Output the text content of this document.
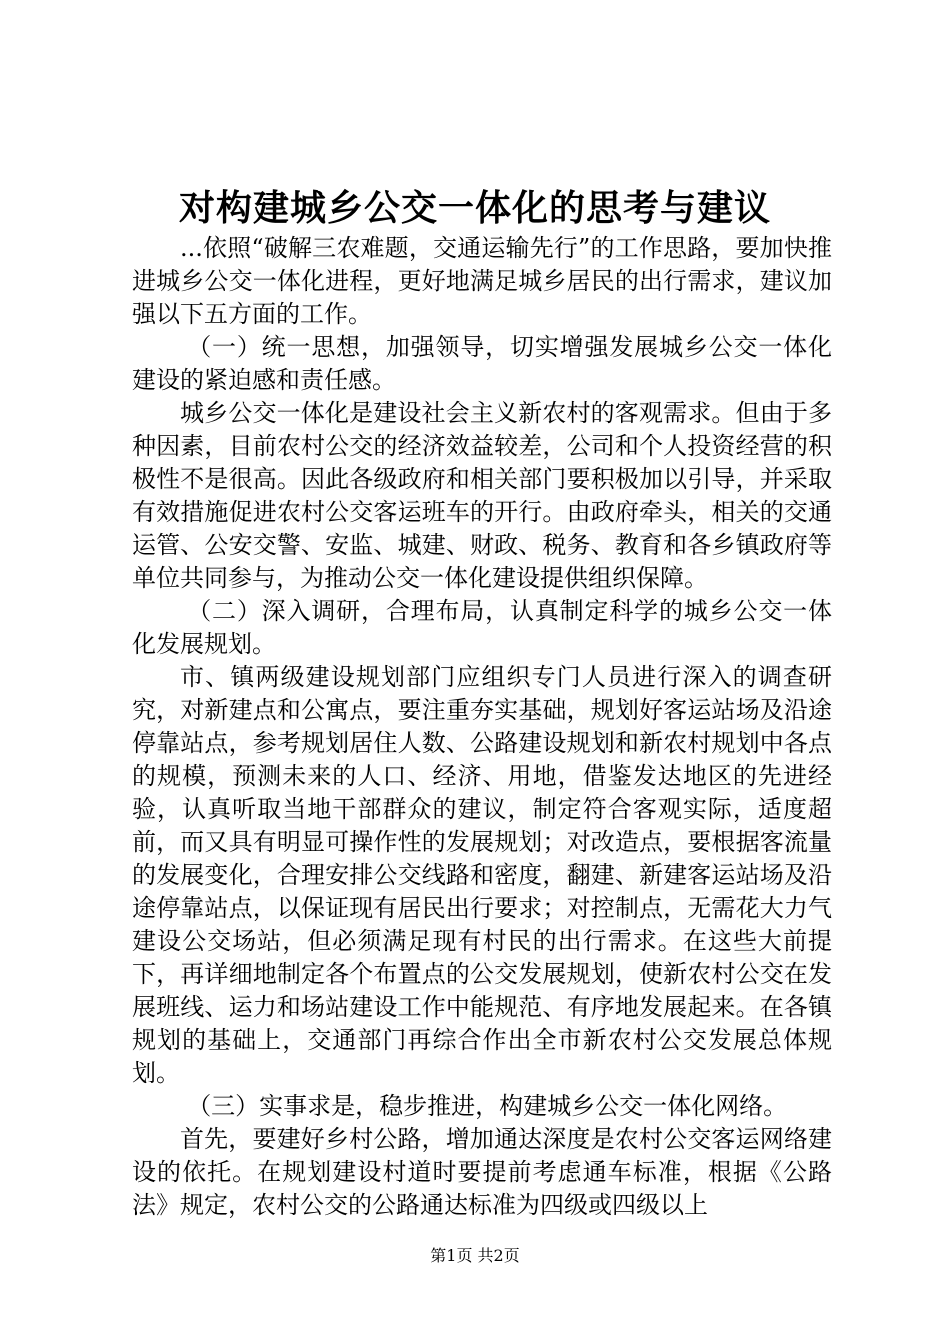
对构建城乡公交一体化的思考与建议

...依照“破解三农难题，交通运输先行”的工作思路，要加快推进城乡公交一体化进程，更好地满足城乡居民的出行需求，建议加强以下五方面的工作。

（一）统一思想，加强领导，切实增强发展城乡公交一体化建设的紧迫感和责任感。

城乡公交一体化是建设社会主义新农村的客观需求。但由于多种因素，目前农村公交的经济效益较差，公司和个人投资经营的积极性不是很高。因此各级政府和相关部门要积极加以引导，并采取有效措施促进农村公交客运班车的开行。由政府牵头，相关的交通运管、公安交警、安监、城建、财政、税务、教育和各乡镇政府等单位共同参与，为推动公交一体化建设提供组织保障。

（二）深入调研，合理布局，认真制定科学的城乡公交一体化发展规划。

市、镇两级建设规划部门应组织专门人员进行深入的调查研究，对新建点和公寓点，要注重夯实基础，规划好客运站场及沿途停靠站点，参考规划居住人数、公路建设规划和新农村规划中各点的规模，预测未来的人口、经济、用地，借鉴发达地区的先进经验，认真听取当地干部群众的建议，制定符合客观实际，适度超前，而又具有明显可操作性的发展规划；对改造点，要根据客流量的发展变化，合理安排公交线路和密度，翻建、新建客运站场及沿途停靠站点，以保证现有居民出行要求；对控制点，无需花大力气建设公交场站，但必须满足现有村民的出行需求。在这些大前提下，再详细地制定各个布置点的公交发展规划，使新农村公交在发展班线、运力和场站建设工作中能规范、有序地发展起来。在各镇规划的基础上，交通部门再综合作出全市新农村公交发展总体规划。

（三）实事求是，稳步推进，构建城乡公交一体化网络。

首先，要建好乡村公路，增加通达深度是农村公交客运网络建设的依托。在规划建设村道时要提前考虑通车标准，根据《公路法》规定，农村公交的公路通达标准为四级或四级以上

第1页 共2页
